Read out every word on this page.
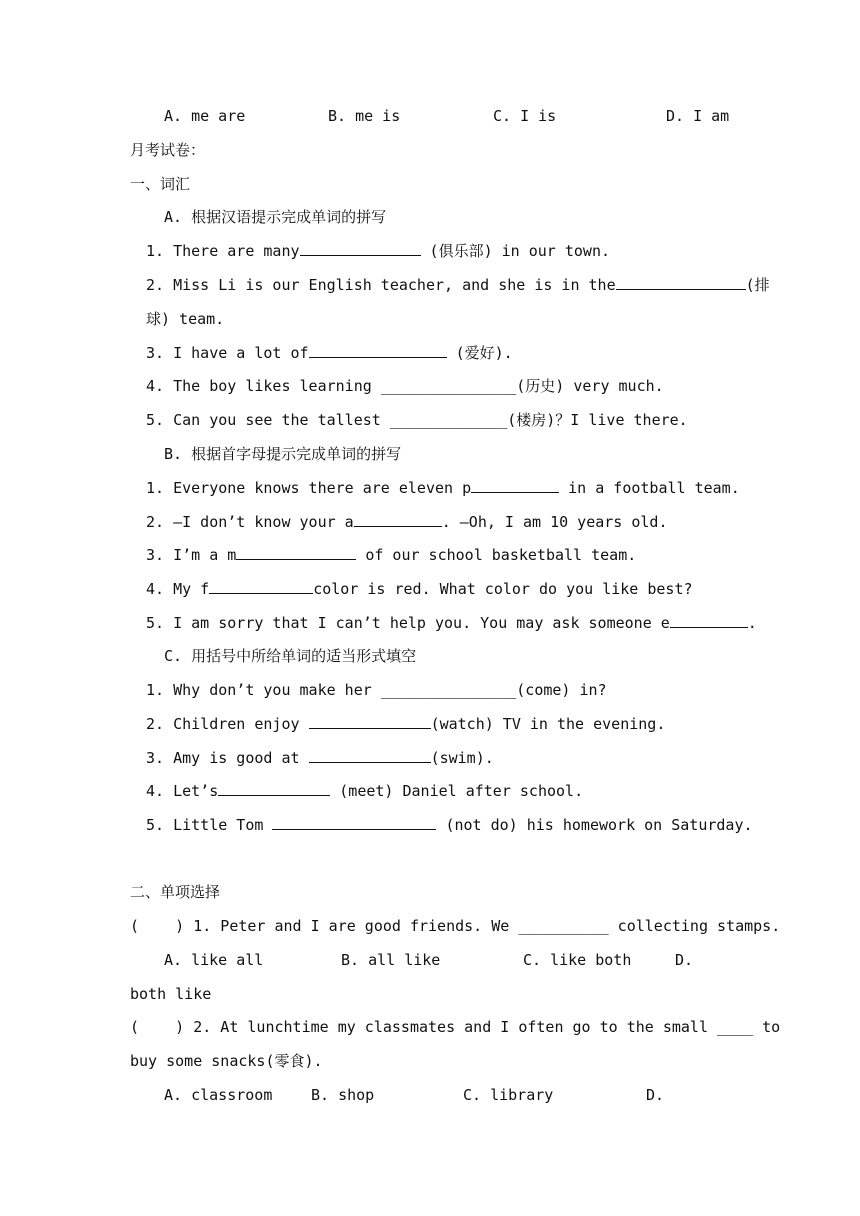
A. me are	B. me is	C. I is	D. I am
月考试卷：
一、词汇
A. 根据汉语提示完成单词的拼写
1. There are many	(俱乐部) in our town.
2. Miss Li is our English teacher, and she is in the	(排
球) team.
3. I have a lot of	(爱好).
4. The boy likes learning _______________(历史) very much.
5. Can you see the tallest _____________(楼房)？I live there.
B. 根据首字母提示完成单词的拼写
1. Everyone knows there are eleven p	in a football team.
2. —I don’t know your a	. —Oh, I am 10 years old.
3. I’m a m	of our school basketball team.
4. My f	color is red. What color do you like best?
5. I am sorry that I can’t help you. You may ask someone e	.
C. 用括号中所给单词的适当形式填空
1. Why don’t you make her _______________(come) in?
2. Children enjoy	(watch) TV in the evening.
3. Amy is good at	(swim).
4. Let’s	(meet) Daniel after school.
5. Little Tom	(not do) his homework on Saturday.
二、单项选择
(    ) 1. Peter and I are good friends. We __________ collecting stamps.
A. like all	B. all like	C. like both	D.
both like
(    ) 2. At lunchtime my classmates and I often go to the small ____ to
buy some snacks(零食).
A. classroom	B. shop	C. library	D.
